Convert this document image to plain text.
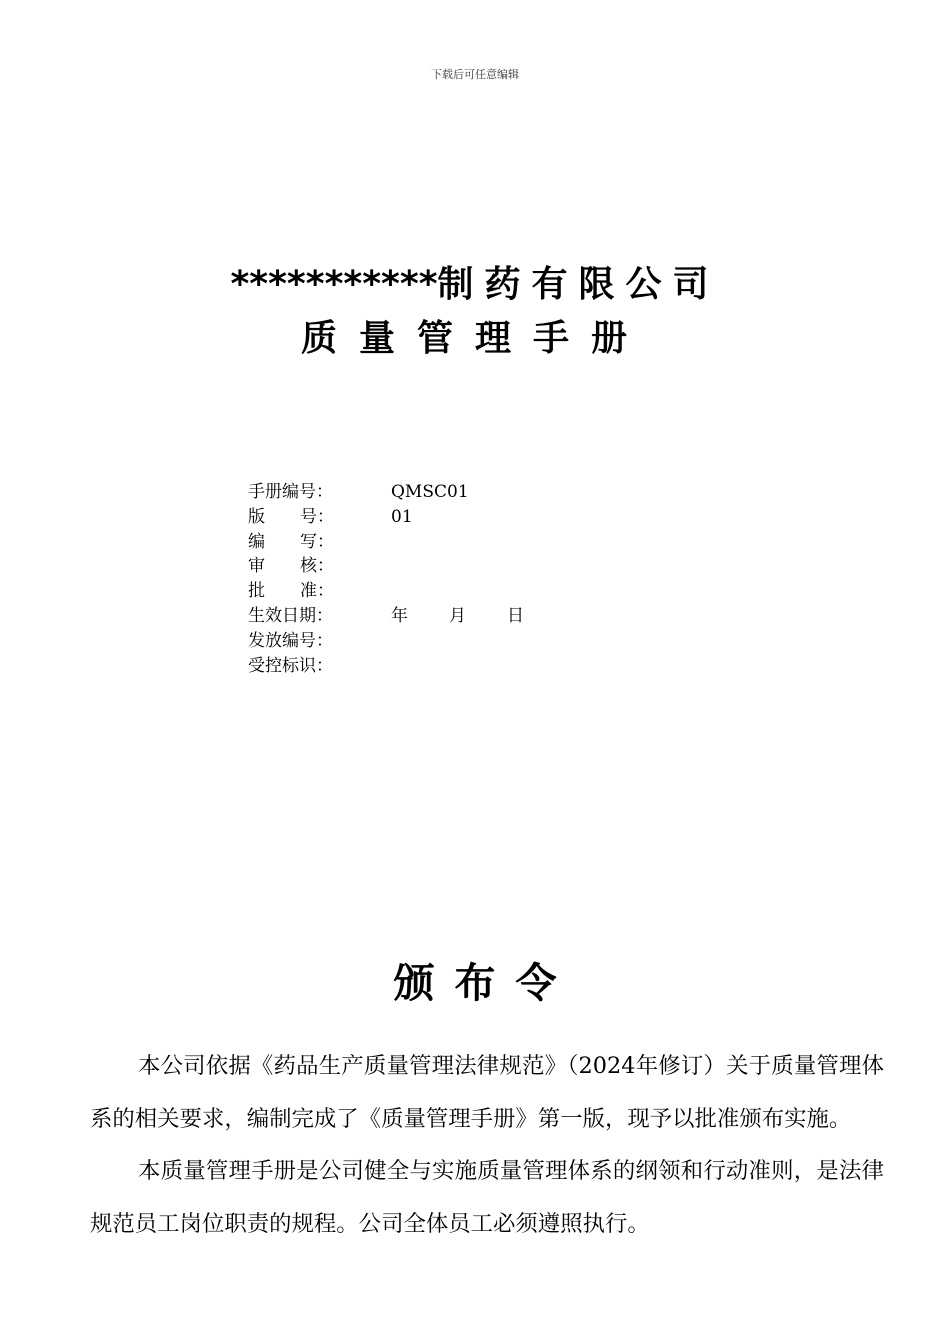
下载后可任意编辑
***********制药有限公司
质量管理手册
手册编号：	QMSC01
版 号：	01
编 写：
审 核：
批 准：
生效日期：	年 月 日
发放编号：
受控标识：
颁布令

本公司依据《药品生产质量管理法律规范》（2024年修订）关于质量管理体系的相关要求，编制完成了《质量管理手册》第一版，现予以批准颁布实施。

本质量管理手册是公司健全与实施质量管理体系的纲领和行动准则，是法律规范员工岗位职责的规程。公司全体员工必须遵照执行。
